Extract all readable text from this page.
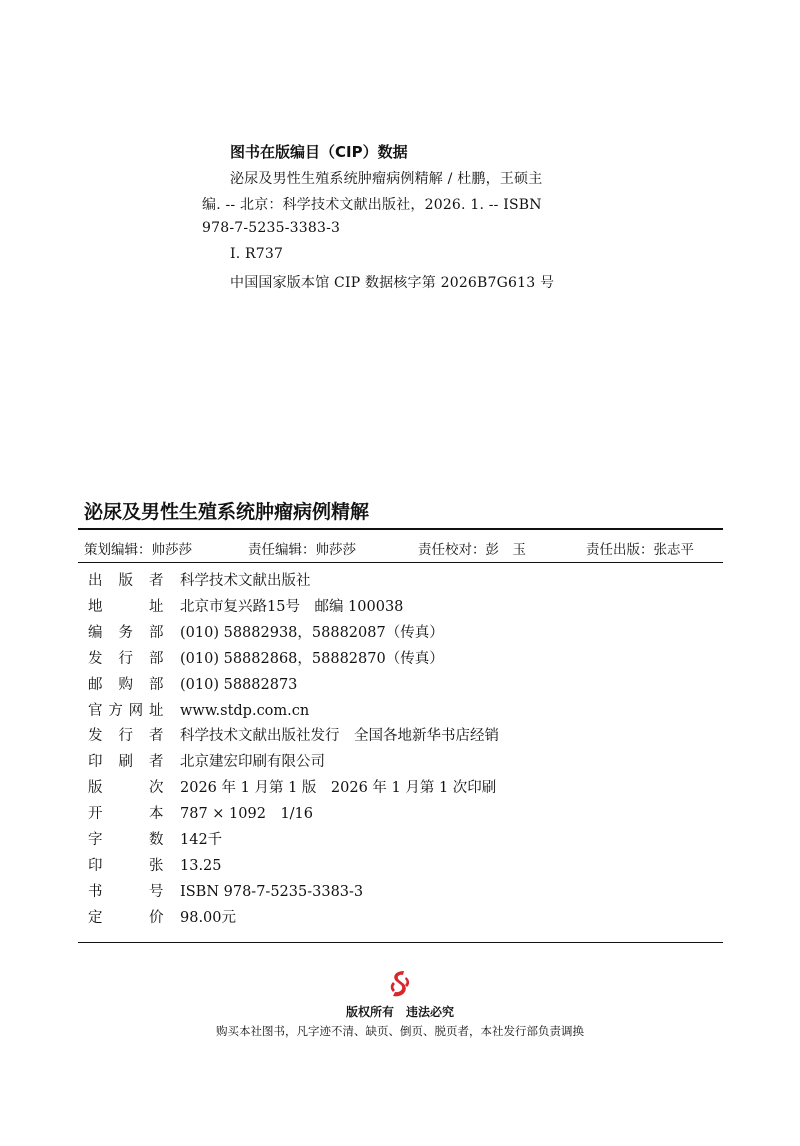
图书在版编目（CIP）数据
泌尿及男性生殖系统肿瘤病例精解 / 杜鹏，王硕主
编. -- 北京：科学技术文献出版社，2026. 1. -- ISBN
978-7-5235-3383-3
Ⅰ. R737
中国国家版本馆 CIP 数据核字第 2026B7G613 号
泌尿及男性生殖系统肿瘤病例精解
策划编辑：帅莎莎	责任编辑：帅莎莎	责任校对：彭　玉	责任出版：张志平
出 版 者 科学技术文献出版社
地	址 北京市复兴路15号　邮编 100038
编 务 部 (010) 58882938，58882087（传真）
发 行 部 (010) 58882868，58882870（传真）
邮 购 部 (010) 58882873
官 方 网 址 www.stdp.com.cn
发 行 者 科学技术文献出版社发行　全国各地新华书店经销
印 刷 者 北京建宏印刷有限公司
版	次 2026 年 1 月第 1 版　2026 年 1 月第 1 次印刷
开	本 787 × 1092　1/16
字	数 142千
印	张 13.25
书	号 ISBN 978-7-5235-3383-3
定	价 98.00元
版权所有　违法必究
购买本社图书，凡字迹不清、缺页、倒页、脱页者，本社发行部负责调换
